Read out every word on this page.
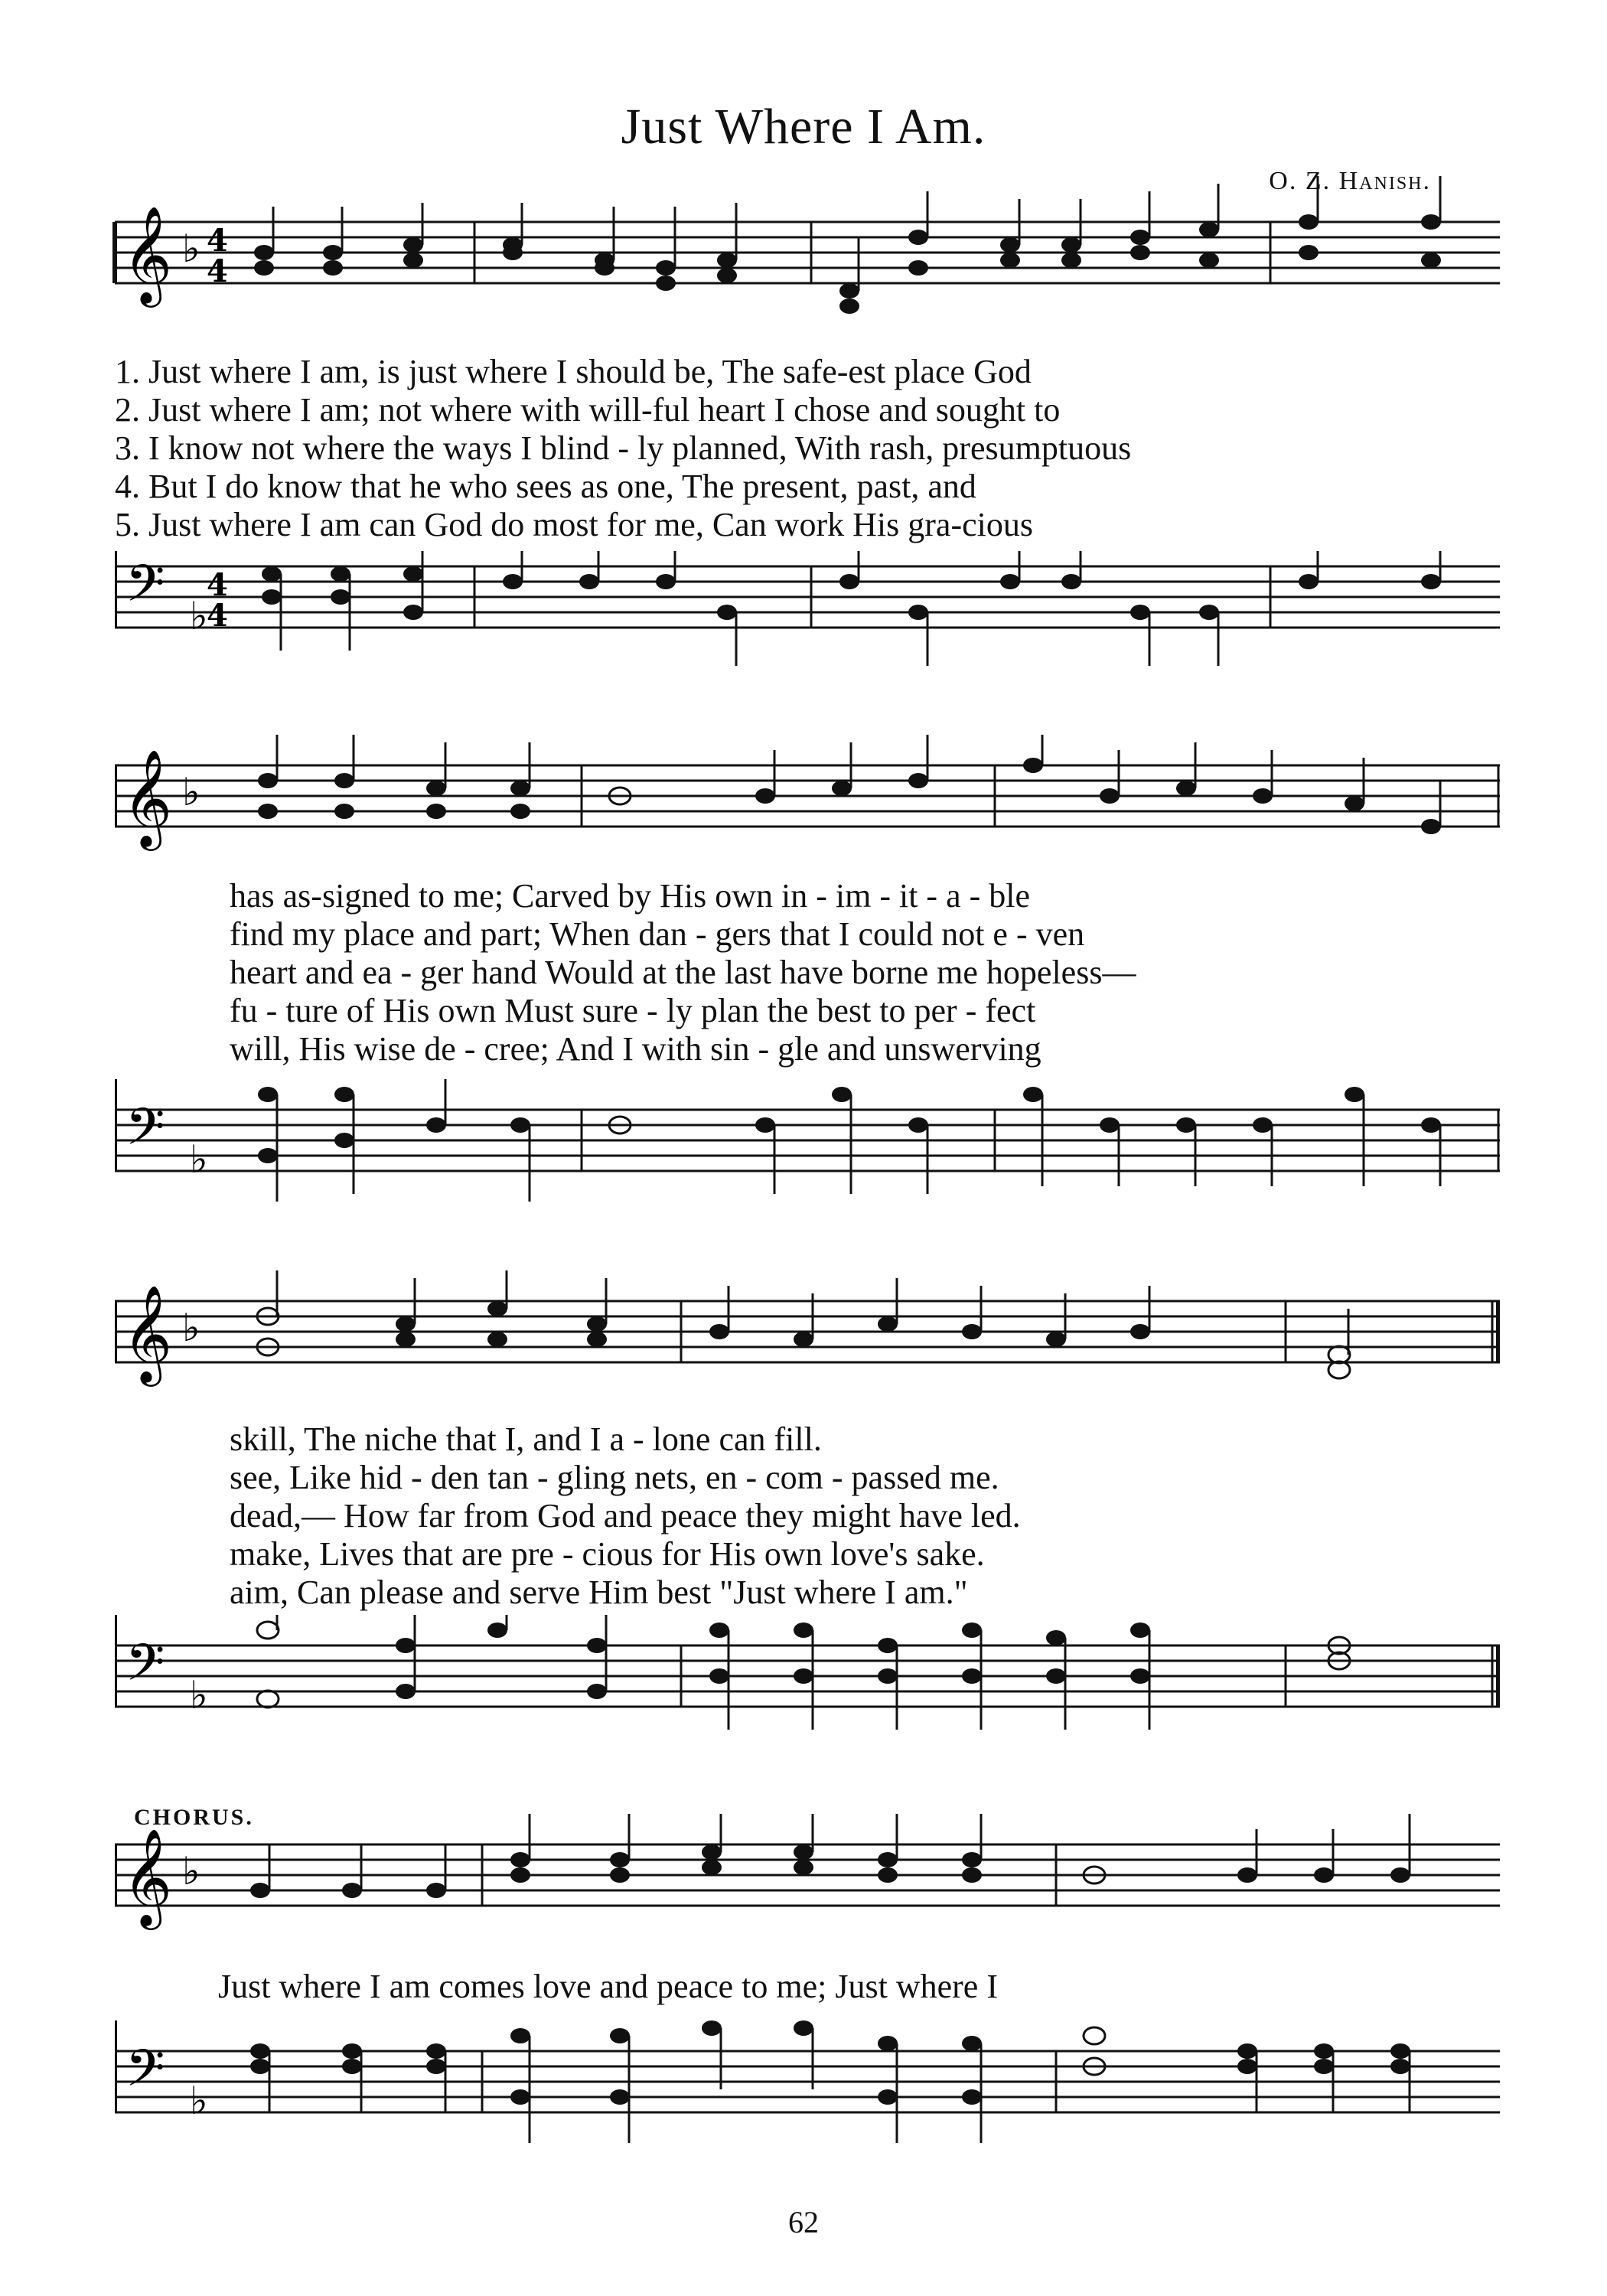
Just Where I Am.
O. Z. Hanish.
𝄞 ♭ 4
4
1. Just where I am, is just where I should be, The safe-est place God
2. Just where I am; not where with will-ful heart I chose and sought to
3. I know not where the ways I blind - ly planned, With rash, presumptuous
4. But I do know that he who sees as one, The present, past, and
5. Just where I am can God do most for me, Can work His gra-cious
𝄢 ♭
4
4
𝄞 ♭
has as-signed to me; Carved by His own in - im - it - a - ble
find my place and part; When dan - gers that I could not e - ven
heart and ea - ger hand Would at the last have borne me hopeless—
fu - ture of His own Must sure - ly plan the best to per - fect
will, His wise de - cree; And I with sin - gle and unswerving
𝄢 ♭
𝄞 ♭
skill, The niche that I, and I a - lone can fill.
see, Like hid - den tan - gling nets, en - com - passed me.
dead,— How far from God and peace they might have led.
make, Lives that are pre - cious for His own love's sake.
aim, Can please and serve Him best "Just where I am."
𝄢 ♭
CHORUS.
𝄞 ♭
Just where I am comes love and peace to me; Just where I
𝄢 ♭
62
